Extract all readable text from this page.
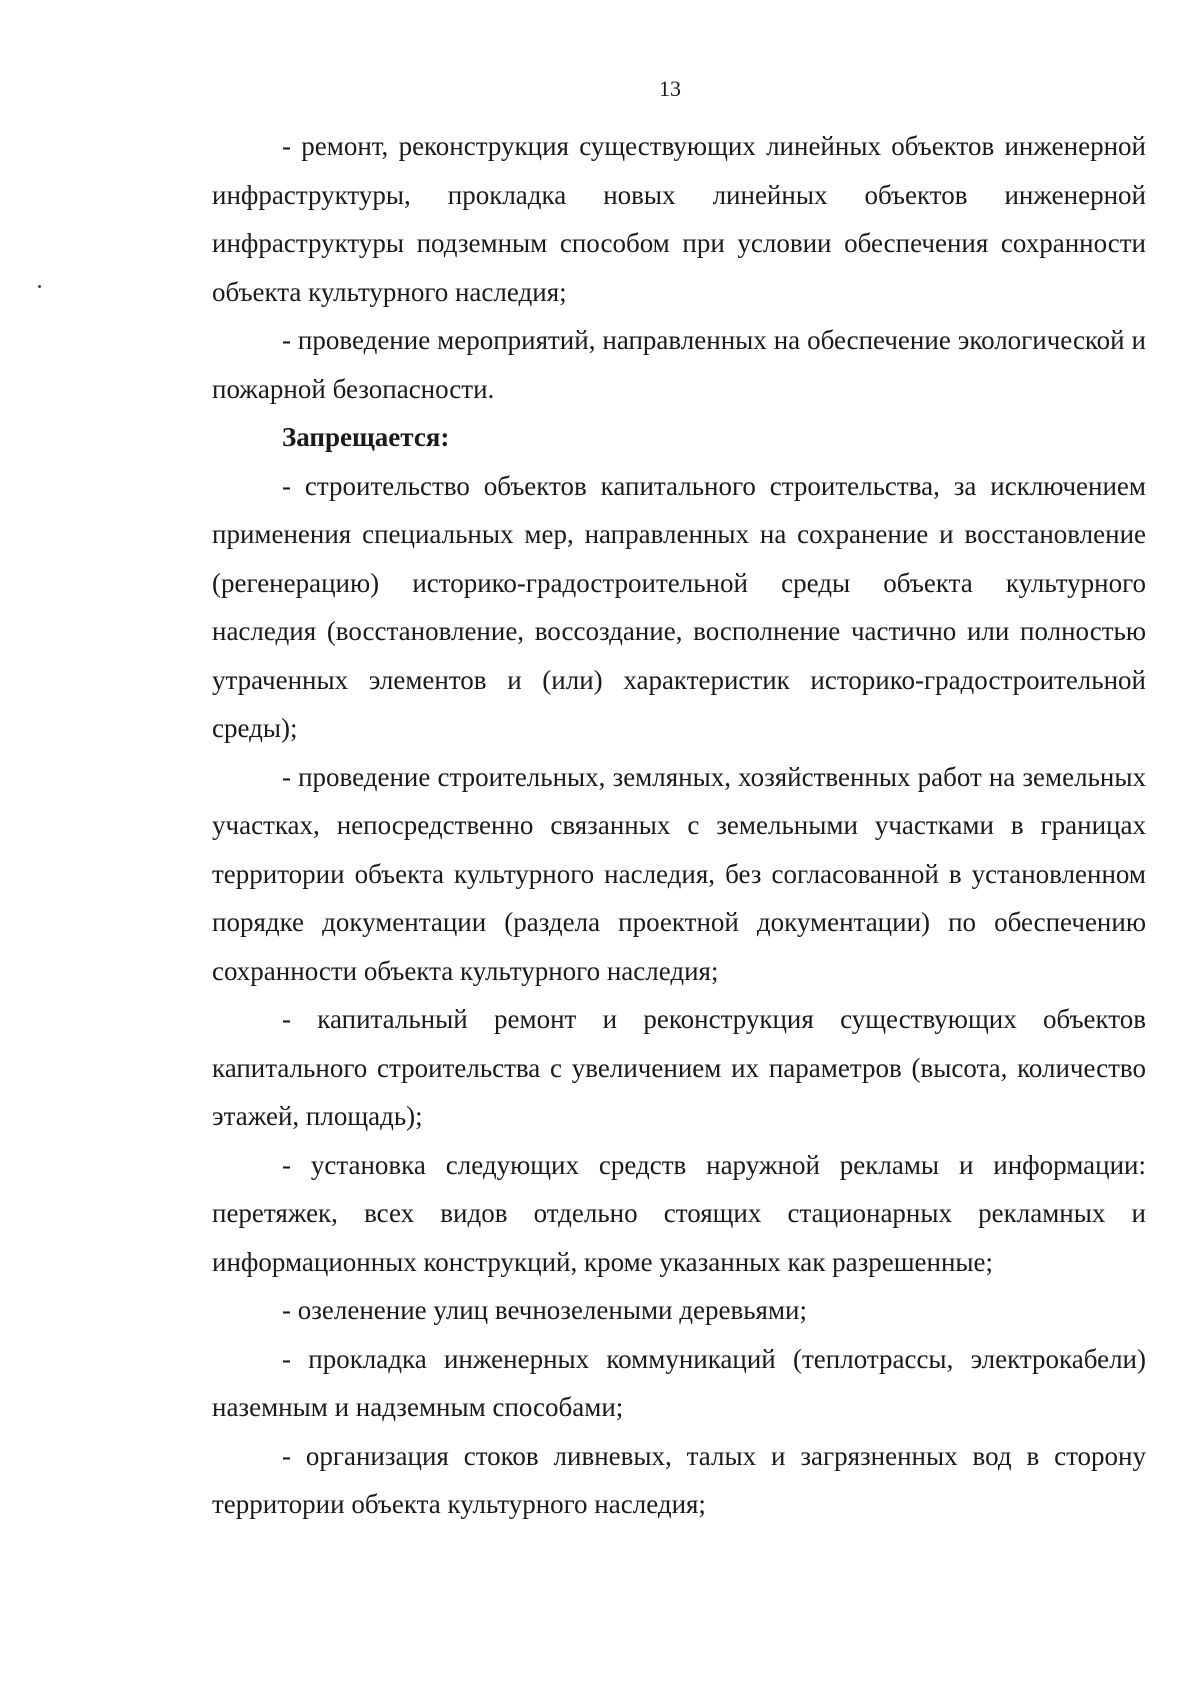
13

- ремонт, реконструкция существующих линейных объектов инженерной инфраструктуры, прокладка новых линейных объектов инженерной инфраструктуры подземным способом при условии обеспечения сохранности объекта культурного наследия;

- проведение мероприятий, направленных на обеспечение экологической и пожарной безопасности.

Запрещается:

- строительство объектов капитального строительства, за исключением применения специальных мер, направленных на сохранение и восстановление (регенерацию) историко-градостроительной среды объекта культурного наследия (восстановление, воссоздание, восполнение частично или полностью утраченных элементов и (или) характеристик историко-градостроительной среды);

- проведение строительных, земляных, хозяйственных работ на земельных участках, непосредственно связанных с земельными участками в границах территории объекта культурного наследия, без согласованной в установленном порядке документации (раздела проектной документации) по обеспечению сохранности объекта культурного наследия;

- капитальный ремонт и реконструкция существующих объектов капитального строительства с увеличением их параметров (высота, количество этажей, площадь);

- установка следующих средств наружной рекламы и информации: перетяжек, всех видов отдельно стоящих стационарных рекламных и информационных конструкций, кроме указанных как разрешенные;

- озеленение улиц вечнозелеными деревьями;

- прокладка инженерных коммуникаций (теплотрассы, электрокабели) наземным и надземным способами;

- организация стоков ливневых, талых и загрязненных вод в сторону территории объекта культурного наследия;
